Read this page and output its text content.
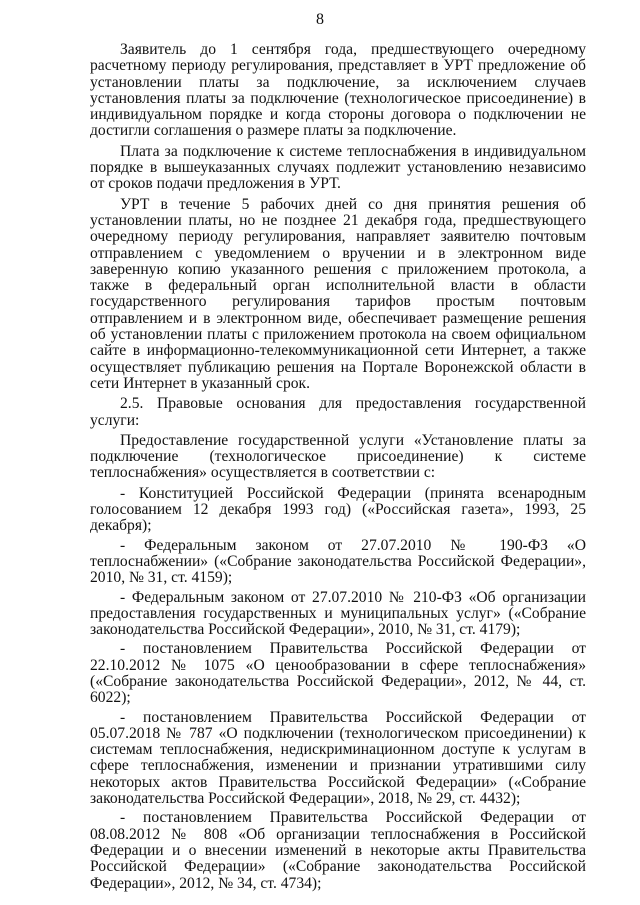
8

Заявитель до 1 сентября года, предшествующего очередному расчетному периоду регулирования, представляет в УРТ предложение об установлении платы за подключение, за исключением случаев установления платы за подключение (технологическое присоединение) в индивидуальном порядке и когда стороны договора о подключении не достигли соглашения о размере платы за подключение.

Плата за подключение к системе теплоснабжения в индивидуальном порядке в вышеуказанных случаях подлежит установлению независимо от сроков подачи предложения в УРТ.

УРТ в течение 5 рабочих дней со дня принятия решения об установлении платы, но не позднее 21 декабря года, предшествующего очередному периоду регулирования, направляет заявителю почтовым отправлением с уведомлением о вручении и в электронном виде заверенную копию указанного решения с приложением протокола, а также в федеральный орган исполнительной власти в области государственного регулирования тарифов простым почтовым отправлением и в электронном виде, обеспечивает размещение решения об установлении платы с приложением протокола на своем официальном сайте в информационно-телекоммуникационной сети Интернет, а также осуществляет публикацию решения на Портале Воронежской области в сети Интернет в указанный срок.

2.5. Правовые основания для предоставления государственной услуги:

Предоставление государственной услуги «Установление платы за подключение (технологическое присоединение) к системе теплоснабжения» осуществляется в соответствии с:

- Конституцией Российской Федерации (принята всенародным голосованием 12 декабря 1993 год) («Российская газета», 1993, 25 декабря);

- Федеральным законом от 27.07.2010 № 190-ФЗ «О теплоснабжении» («Собрание законодательства Российской Федерации», 2010, № 31, ст. 4159);

- Федеральным законом от 27.07.2010 № 210-ФЗ «Об организации предоставления государственных и муниципальных услуг» («Собрание законодательства Российской Федерации», 2010, № 31, ст. 4179);

- постановлением Правительства Российской Федерации от 22.10.2012 № 1075 «О ценообразовании в сфере теплоснабжения» («Собрание законодательства Российской Федерации», 2012, № 44, ст. 6022);

- постановлением Правительства Российской Федерации от 05.07.2018 № 787 «О подключении (технологическом присоединении) к системам теплоснабжения, недискриминационном доступе к услугам в сфере теплоснабжения, изменении и признании утратившими силу некоторых актов Правительства Российской Федерации» («Собрание законодательства Российской Федерации», 2018, № 29, ст. 4432);

- постановлением Правительства Российской Федерации от 08.08.2012 № 808 «Об организации теплоснабжения в Российской Федерации и о внесении изменений в некоторые акты Правительства Российской Федерации» («Собрание законодательства Российской Федерации», 2012, № 34, ст. 4734);
